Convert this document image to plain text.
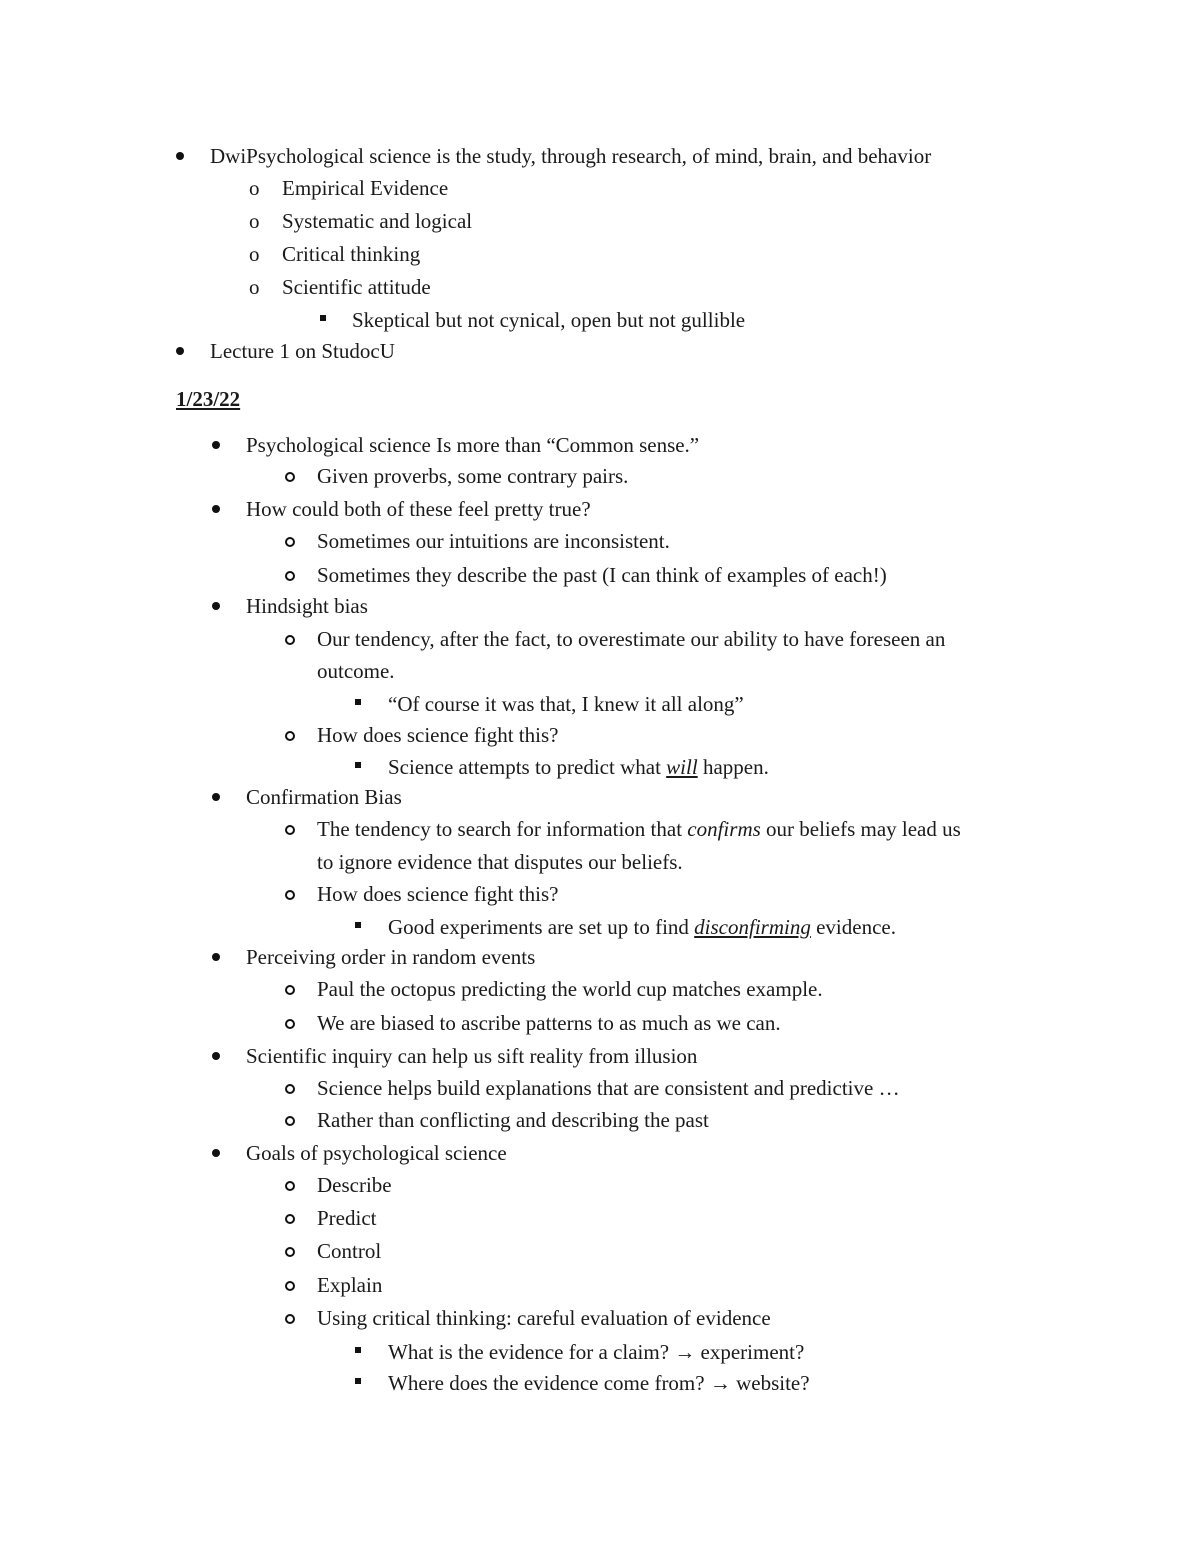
DwiPsychological science is the study, through research, of mind, brain, and behavior
o Empirical Evidence
o Systematic and logical
o Critical thinking
o Scientific attitude
Skeptical but not cynical, open but not gullible
Lecture 1 on StudocU
1/23/22
Psychological science Is more than “Common sense.”
Given proverbs, some contrary pairs.
How could both of these feel pretty true?
Sometimes our intuitions are inconsistent.
Sometimes they describe the past (I can think of examples of each!)
Hindsight bias
Our tendency, after the fact, to overestimate our ability to have foreseen an
outcome.
“Of course it was that, I knew it all along”
How does science fight this?
Science attempts to predict what will happen.
Confirmation Bias
The tendency to search for information that confirms our beliefs may lead us
to ignore evidence that disputes our beliefs.
How does science fight this?
Good experiments are set up to find disconfirming evidence.
Perceiving order in random events
Paul the octopus predicting the world cup matches example.
We are biased to ascribe patterns to as much as we can.
Scientific inquiry can help us sift reality from illusion
Science helps build explanations that are consistent and predictive …
Rather than conflicting and describing the past
Goals of psychological science
Describe
Predict
Control
Explain
Using critical thinking: careful evaluation of evidence
What is the evidence for a claim? → experiment?
Where does the evidence come from? → website?
